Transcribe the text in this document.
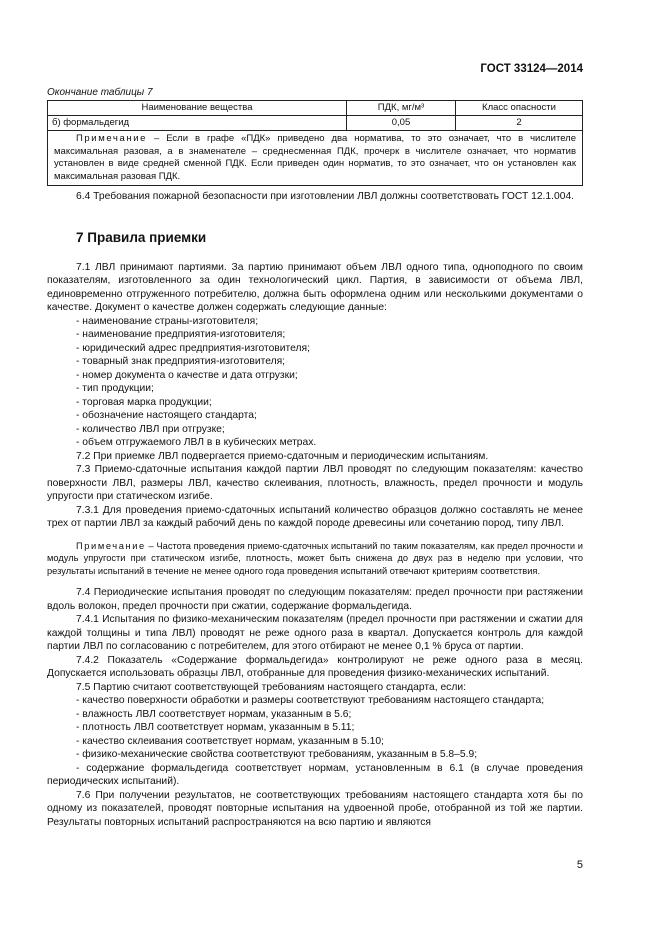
ГОСТ 33124—2014
Окончание таблицы 7
Наименование вещества	ПДК, мг/м³	Класс опасности
б) формальдегид	0,05	2
Примечание – Если в графе «ПДК» приведено два норматива, то это означает, что в числителе максимальная разовая, а в знаменателе – среднесменная ПДК, прочерк в числителе означает, что норматив установлен в виде средней сменной ПДК. Если приведен один норматив, то это означает, что он установлен как максимальная разовая ПДК.		

6.4 Требования пожарной безопасности при изготовлении ЛВЛ должны соответствовать ГОСТ 12.1.004.

7 Правила приемки

7.1 ЛВЛ принимают партиями. За партию принимают объем ЛВЛ одного типа, одноподного по своим показателям, изготовленного за один технологический цикл. Партия, в зависимости от объема ЛВЛ, единовременно отгруженного потребителю, должна быть оформлена одним или несколькими документами о качестве. Документ о качестве должен содержать следующие данные:

- наименование страны-изготовителя;

- наименование предприятия-изготовителя;

- юридический адрес предприятия-изготовителя;

- товарный знак предприятия-изготовителя;

- номер документа о качестве и дата отгрузки;

- тип продукции;

- торговая марка продукции;

- обозначение настоящего стандарта;

- количество ЛВЛ при отгрузке;

- объем отгружаемого ЛВЛ в в кубических метрах.

7.2 При приемке ЛВЛ подвергается приемо-сдаточным и периодическим испытаниям.

7.3 Приемо-сдаточные испытания каждой партии ЛВЛ проводят по следующим показателям: качество поверхности ЛВЛ, размеры ЛВЛ, качество склеивания, плотность, влажность, предел прочности и модуль упругости при статическом изгибе.

7.3.1 Для проведения приемо-сдаточных испытаний количество образцов должно составлять не менее трех от партии ЛВЛ за каждый рабочий день по каждой породе древесины или сочетанию пород, типу ЛВЛ.

Примечание – Частота проведения приемо-сдаточных испытаний по таким показателям, как предел прочности и модуль упругости при статическом изгибе, плотность, может быть снижена до двух раз в неделю при условии, что результаты испытаний в течение не менее одного года проведения испытаний отвечают критериям соответствия.

7.4 Периодические испытания проводят по следующим показателям: предел прочности при растяжении вдоль волокон, предел прочности при сжатии, содержание формальдегида.

7.4.1 Испытания по физико-механическим показателям (предел прочности при растяжении и сжатии для каждой толщины и типа ЛВЛ) проводят не реже одного раза в квартал. Допускается контроль для каждой партии ЛВЛ по согласованию с потребителем, для этого отбирают не менее 0,1 % бруса от партии.

7.4.2 Показатель «Содержание формальдегида» контролируют не реже одного раза в месяц. Допускается использовать образцы ЛВЛ, отобранные для проведения физико-механических испытаний.

7.5 Партию считают соответствующей требованиям настоящего стандарта, если:

- качество поверхности обработки и размеры соответствуют требованиям настоящего стандарта;

- влажность ЛВЛ соответствует нормам, указанным в 5.6;

- плотность ЛВЛ соответствует нормам, указанным в 5.11;

- качество склеивания соответствует нормам, указанным в 5.10;

- физико-механические свойства соответствуют требованиям, указанным в 5.8–5.9;

- содержание формальдегида соответствует нормам, установленным в 6.1 (в случае проведения периодических испытаний).

7.6 При получении результатов, не соответствующих требованиям настоящего стандарта хотя бы по одному из показателей, проводят повторные испытания на удвоенной пробе, отобранной из той же партии. Результаты повторных испытаний распространяются на всю партию и являются

5
